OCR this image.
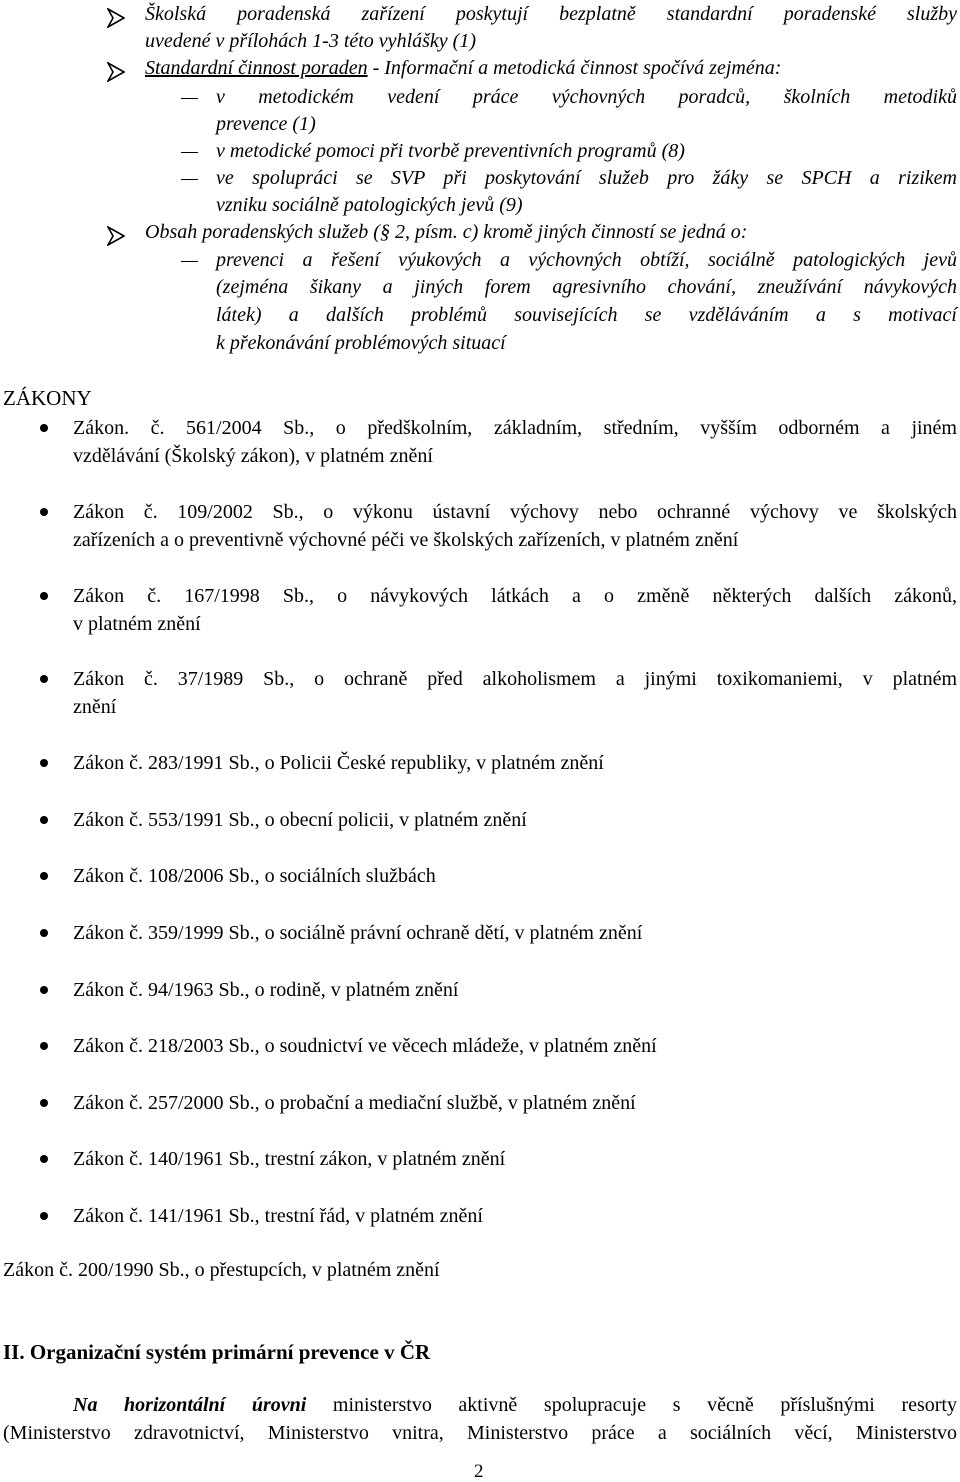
Školská poradenská zařízení poskytují bezplatně standardní poradenské služby
uvedené v přílohách 1-3 této vyhlášky (1)
Standardní činnost poraden - Informační a metodická činnost spočívá zejména:
v metodickém vedení práce výchovných poradců, školních metodiků
prevence (1)
v metodické pomoci při tvorbě preventivních programů (8)
ve spolupráci se SVP při poskytování služeb pro žáky se SPCH a rizikem
vzniku sociálně patologických jevů (9)
Obsah poradenských služeb (§ 2, písm. c) kromě jiných činností se jedná o:
prevenci a řešení výukových a výchovných obtíží, sociálně patologických jevů
(zejména šikany a jiných forem agresivního chování, zneužívání návykových
látek) a dalších problémů souvisejících se vzděláváním a s motivací
k překonávání problémových situací
ZÁKONY
Zákon. č. 561/2004 Sb., o předškolním, základním, středním, vyšším odborném a jiném
vzdělávání (Školský zákon), v platném znění
Zákon č. 109/2002 Sb., o výkonu ústavní výchovy nebo ochranné výchovy ve školských
zařízeních a o preventivně výchovné péči ve školských zařízeních, v platném znění
Zákon č. 167/1998 Sb., o návykových látkách a o změně některých dalších zákonů,
v platném znění
Zákon č. 37/1989 Sb., o ochraně před alkoholismem a jinými toxikomaniemi, v platném
znění
Zákon č. 283/1991 Sb., o Policii České republiky, v platném znění
Zákon č. 553/1991 Sb., o obecní policii, v platném znění
Zákon č. 108/2006 Sb., o sociálních službách
Zákon č. 359/1999 Sb., o sociálně právní ochraně dětí, v platném znění
Zákon č. 94/1963 Sb., o rodině, v platném znění
Zákon č. 218/2003 Sb., o soudnictví ve věcech mládeže, v platném znění
Zákon č. 257/2000 Sb., o probační a mediační službě, v platném znění
Zákon č. 140/1961 Sb., trestní zákon, v platném znění
Zákon č. 141/1961 Sb., trestní řád, v platném znění
Zákon č. 200/1990 Sb., o přestupcích, v platném znění
II. Organizační systém primární prevence v ČR
Na horizontální úrovni ministerstvo aktivně spolupracuje s věcně příslušnými resorty
(Ministerstvo zdravotnictví, Ministerstvo vnitra, Ministerstvo práce a sociálních věcí, Ministerstvo
2
